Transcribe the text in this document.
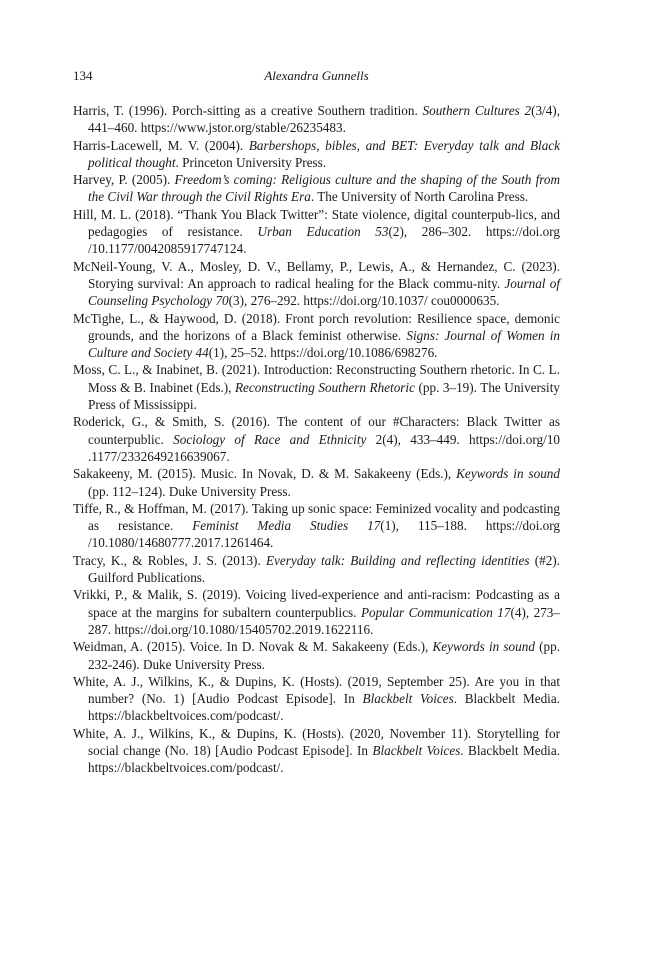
134	Alexandra Gunnells

Harris, T. (1996). Porch-sitting as a creative Southern tradition. Southern Cultures 2(3/4), 441–460. https://www.jstor.org/stable/26235483.

Harris-Lacewell, M. V. (2004). Barbershops, bibles, and BET: Everyday talk and Black political thought. Princeton University Press.

Harvey, P. (2005). Freedom’s coming: Religious culture and the shaping of the South from the Civil War through the Civil Rights Era. The University of North Carolina Press.

Hill, M. L. (2018). “Thank You Black Twitter”: State violence, digital counterpub-lics, and pedagogies of resistance. Urban Education 53(2), 286–302. https://doi.org /10.1177/0042085917747124.

McNeil-Young, V. A., Mosley, D. V., Bellamy, P., Lewis, A., & Hernandez, C. (2023). Storying survival: An approach to radical healing for the Black commu-nity. Journal of Counseling Psychology 70(3), 276–292. https://doi.org/10.1037/ cou0000635.

McTighe, L., & Haywood, D. (2018). Front porch revolution: Resilience space, demonic grounds, and the horizons of a Black feminist otherwise. Signs: Journal of Women in Culture and Society 44(1), 25–52. https://doi.org/10.1086/698276.

Moss, C. L., & Inabinet, B. (2021). Introduction: Reconstructing Southern rhetoric. In C. L. Moss & B. Inabinet (Eds.), Reconstructing Southern Rhetoric (pp. 3–19). The University Press of Mississippi.

Roderick, G., & Smith, S. (2016). The content of our #Characters: Black Twitter as counterpublic. Sociology of Race and Ethnicity 2(4), 433–449. https://doi.org/10 .1177/2332649216639067.

Sakakeeny, M. (2015). Music. In Novak, D. & M. Sakakeeny (Eds.), Keywords in sound (pp. 112–124). Duke University Press.

Tiffe, R., & Hoffman, M. (2017). Taking up sonic space: Feminized vocality and podcasting as resistance. Feminist Media Studies 17(1), 115–188. https://doi.org /10.1080/14680777.2017.1261464.

Tracy, K., & Robles, J. S. (2013). Everyday talk: Building and reflecting identities (#2). Guilford Publications.

Vrikki, P., & Malik, S. (2019). Voicing lived-experience and anti-racism: Podcasting as a space at the margins for subaltern counterpublics. Popular Communication 17(4), 273–287. https://doi.org/10.1080/15405702.2019.1622116.

Weidman, A. (2015). Voice. In D. Novak & M. Sakakeeny (Eds.), Keywords in sound (pp. 232-246). Duke University Press.

White, A. J., Wilkins, K., & Dupins, K. (Hosts). (2019, September 25). Are you in that number? (No. 1) [Audio Podcast Episode]. In Blackbelt Voices. Blackbelt Media. https://blackbeltvoices.com/podcast/.

White, A. J., Wilkins, K., & Dupins, K. (Hosts). (2020, November 11). Storytelling for social change (No. 18) [Audio Podcast Episode]. In Blackbelt Voices. Blackbelt Media. https://blackbeltvoices.com/podcast/.
